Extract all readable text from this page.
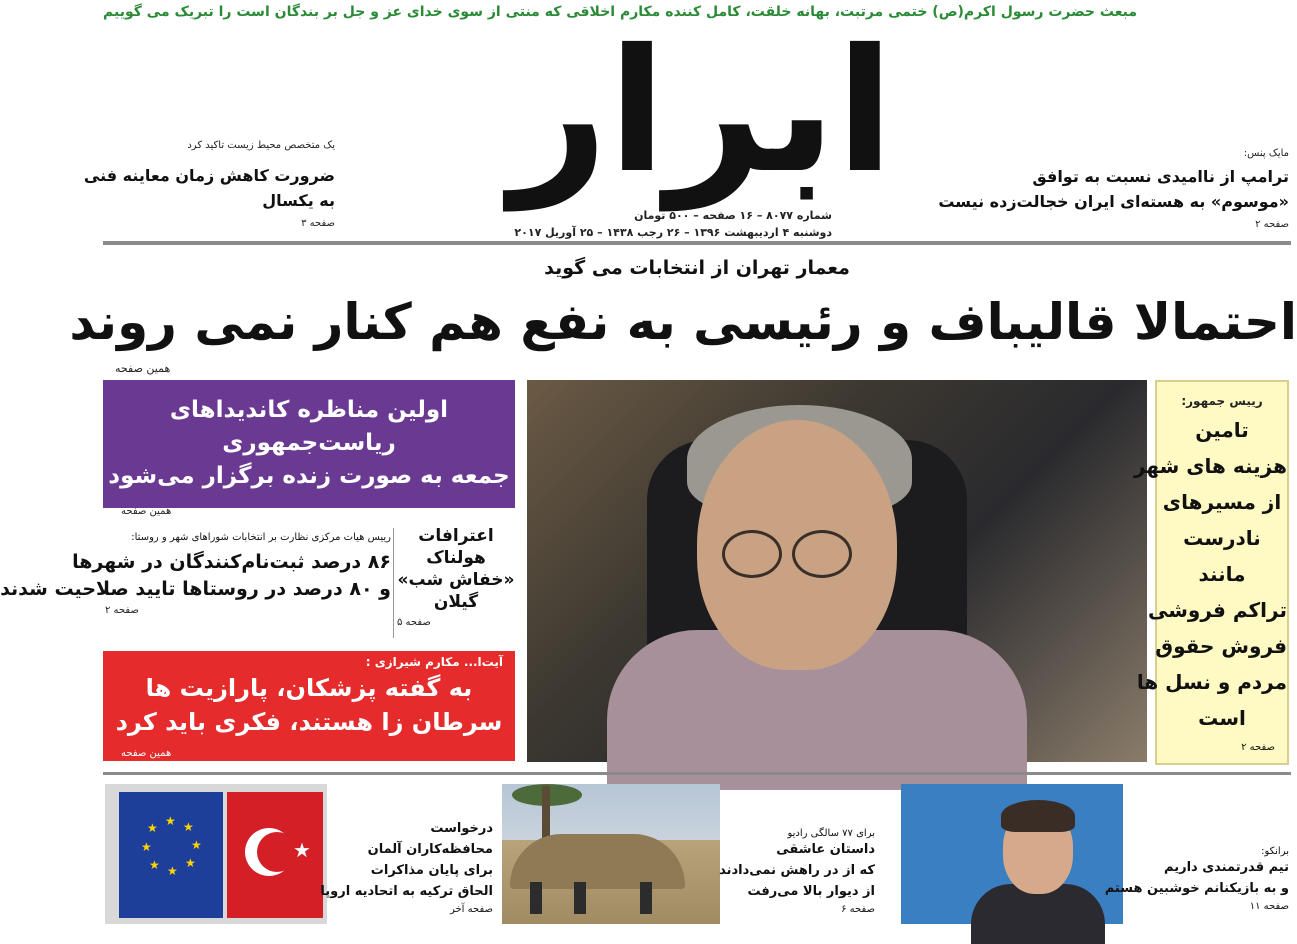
مبعث حضرت رسول اکرم(ص) ختمی مرتبت، بهانه خلقت، کامل کننده مکارم اخلاقی که منتی از سوی خدای عز و جل بر بندگان است را تبریک می گوییم
ابرار
شماره ۸۰۷۷ – ۱۶ صفحه – ۵۰۰ تومان
دوشنبه ۴ اردیبهشت ۱۳۹۶ – ۲۶ رجب ۱۴۳۸ – ۲۵ آوریل ۲۰۱۷
مایک پنس:
ترامپ از ناامیدی نسبت به توافق
«موسوم» به هسته‌ای ایران خجالت‌زده نیست
صفحه ۲
یک متخصص محیط زیست تاکید کرد
ضرورت کاهش زمان معاینه فنی
به یکسال
صفحه ۳
معمار تهران از انتخابات می گوید
احتمالا قالیباف و رئیسی به نفع هم کنار نمی روند
همین صفحه
رییس جمهور:
تامین
هزینه های شهر
از مسیرهای
نادرست
مانند
تراکم فروشی
فروش حقوق
مردم و نسل ها
است
صفحه ۲
اولین مناظره کاندیداهای
ریاست‌جمهوری
جمعه به صورت زنده برگزار می‌شود
همین صفحه
اعترافات
هولناک
«خفاش شب»
گیلان
صفحه ۵
رییس هیات مرکزی نظارت بر انتخابات شوراهای شهر و روستا:
۸۶ درصد ثبت‌نام‌کنندگان در شهرها
و ۸۰ درصد در روستاها تایید صلاحیت شدند
صفحه ۲
آیت‌ا... مکارم شیرازی :
به گفته پزشکان، پارازیت ها
سرطان زا هستند، فکری باید کرد
همین صفحه
★ ★
★
★
★
★
★
★
★
درخواست
محافظه‌کاران آلمان
برای پایان مذاکرات
الحاق ترکیه به اتحادیه اروپا
صفحه آخر
برای ۷۷ سالگی رادیو
داستان عاشقی
که از در راهش نمی‌دادند
از دیوار بالا می‌رفت
صفحه ۶
برانکو:
تیم قدرتمندی داریم
و به بازیکنانم خوشبین هستم
صفحه ۱۱
